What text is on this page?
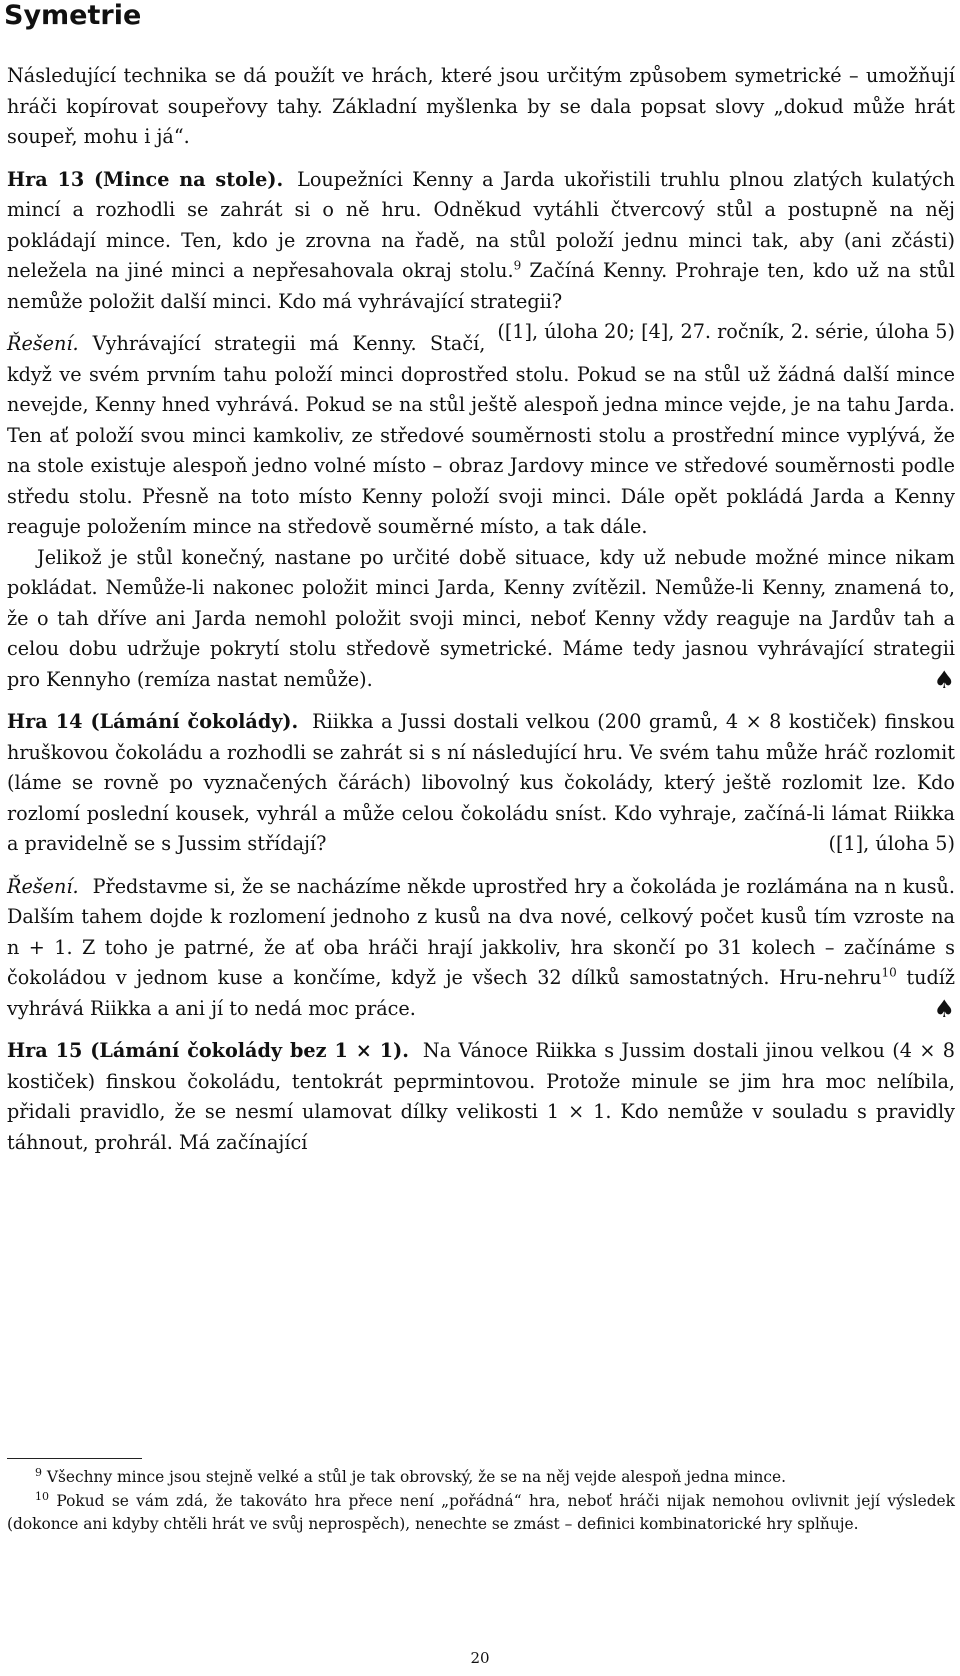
Symetrie

Následující technika se dá použít ve hrách, které jsou určitým způsobem symetrické – umožňují hráči kopírovat soupeřovy tahy. Základní myšlenka by se dala popsat slovy „dokud může hrát soupeř, mohu i já“.

Hra 13 (Mince na stole). Loupežníci Kenny a Jarda ukořistili truhlu plnou zlatých kulatých mincí a rozhodli se zahrát si o ně hru. Odněkud vytáhli čtvercový stůl a postupně na něj pokládají mince. Ten, kdo je zrovna na řadě, na stůl položí jednu minci tak, aby (ani zčásti) neležela na jiné minci a nepřesahovala okraj stolu.$^9$ Začíná Kenny. Prohraje ten, kdo už na stůl nemůže položit další minci. Kdo má vyhrávající strategii?
([1], úloha 20; [4], 27. ročník, 2. série, úloha 5)

Řešení. Vyhrávající strategii má Kenny. Stačí, když ve svém prvním tahu položí minci doprostřed stolu. Pokud se na stůl už žádná další mince nevejde, Kenny hned vyhrává. Pokud se na stůl ještě alespoň jedna mince vejde, je na tahu Jarda. Ten ať položí svou minci kamkoliv, ze středové souměrnosti stolu a prostřední mince vyplývá, že na stole existuje alespoň jedno volné místo – obraz Jardovy mince ve středové souměrnosti podle středu stolu. Přesně na toto místo Kenny položí svoji minci. Dále opět pokládá Jarda a Kenny reaguje položením mince na středově souměrné místo, a tak dále.

Jelikož je stůl konečný, nastane po určité době situace, kdy už nebude možné mince nikam pokládat. Nemůže-li nakonec položit minci Jarda, Kenny zvítězil. Nemůže-li Kenny, znamená to, že o tah dříve ani Jarda nemohl položit svoji minci, neboť Kenny vždy reaguje na Jardův tah a celou dobu udržuje pokrytí stolu středově symetrické. Máme tedy jasnou vyhrávající strategii pro Kennyho (remíza nastat nemůže).	♠

Hra 14 (Lámání čokolády). Riikka a Jussi dostali velkou (200 gramů, 4 × 8 kostiček) finskou hruškovou čokoládu a rozhodli se zahrát si s ní následující hru. Ve svém tahu může hráč rozlomit (láme se rovně po vyznačených čárách) libovolný kus čokolády, který ještě rozlomit lze. Kdo rozlomí poslední kousek, vyhrál a může celou čokoládu sníst. Kdo vyhraje, začíná-li lámat Riikka a pravidelně se s Jussim střídají?	([1], úloha 5)

Řešení. Představme si, že se nacházíme někde uprostřed hry a čokoláda je rozlámána na n kusů. Dalším tahem dojde k rozlomení jednoho z kusů na dva nové, celkový počet kusů tím vzroste na n + 1. Z toho je patrné, že ať oba hráči hrají jakkoliv, hra skončí po 31 kolech – začínáme s čokoládou v jednom kuse a končíme, když je všech 32 dílků samostatných. Hru-nehru$^{10}$ tudíž vyhrává Riikka a ani jí to nedá moc práce.	♠

Hra 15 (Lámání čokolády bez 1 × 1). Na Vánoce Riikka s Jussim dostali jinou velkou (4 × 8 kostiček) finskou čokoládu, tentokrát peprmintovou. Protože minule se jim hra moc nelíbila, přidali pravidlo, že se nesmí ulamovat dílky velikosti 1 × 1. Kdo nemůže v souladu s pravidly táhnout, prohrál. Má začínající

$^9$ Všechny mince jsou stejně velké a stůl je tak obrovský, že se na něj vejde alespoň jedna mince.

$^{10}$ Pokud se vám zdá, že takováto hra přece není „pořádná“ hra, neboť hráči nijak nemohou ovlivnit její výsledek (dokonce ani kdyby chtěli hrát ve svůj neprospěch), nenechte se zmást – definici kombinatorické hry splňuje.

20
